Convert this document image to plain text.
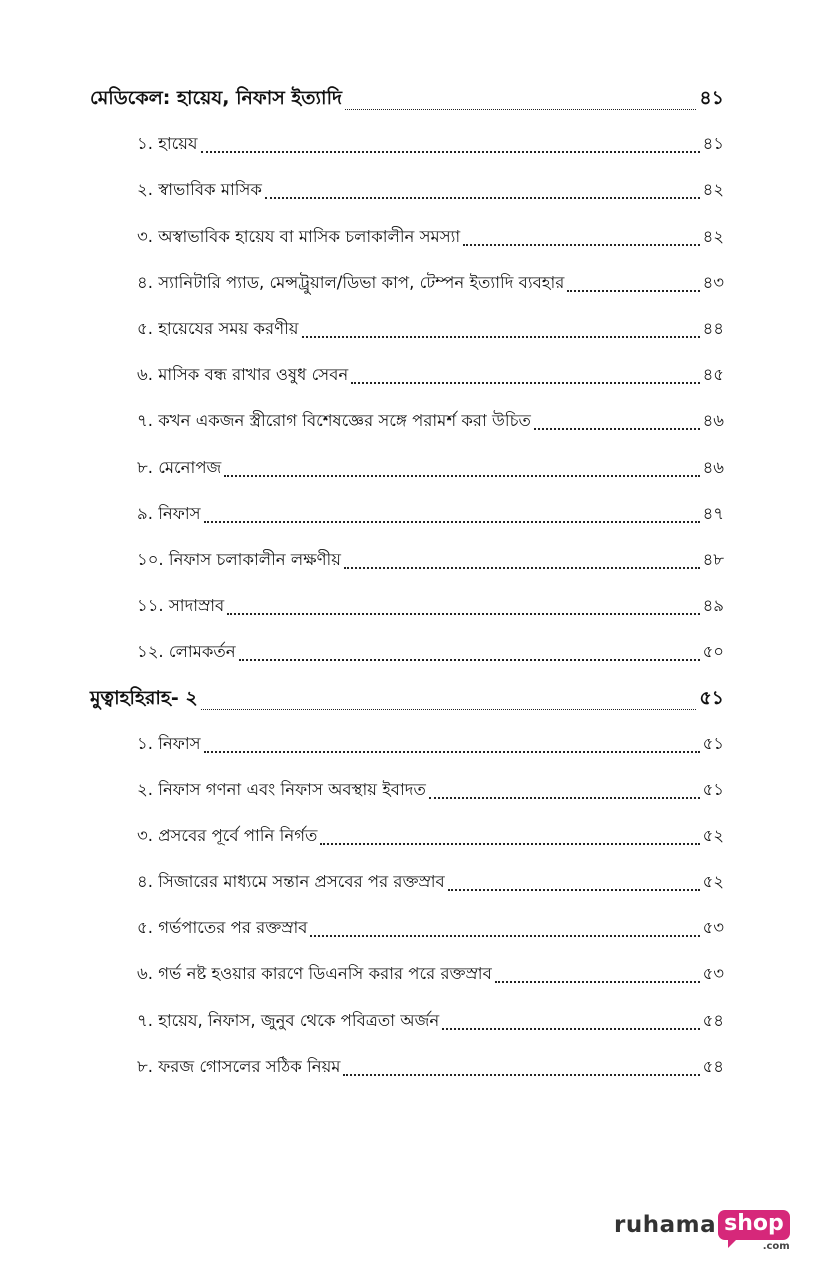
মেডিকেল: হায়েয, নিফাস ইত্যাদি	৪১
১. হায়েয	৪১
২. স্বাভাবিক মাসিক	৪২
৩. অস্বাভাবিক হায়েয বা মাসিক চলাকালীন সমস্যা	৪২
৪. স্যানিটারি প্যাড, মেন্সট্রুয়াল/ডিভা কাপ, টেম্পন ইত্যাদি ব্যবহার	৪৩
৫. হায়েযের সময় করণীয়	৪৪
৬. মাসিক বন্ধ রাখার ওষুধ সেবন	৪৫
৭. কখন একজন স্ত্রীরোগ বিশেষজ্ঞের সঙ্গে পরামর্শ করা উচিত	৪৬
৮. মেনোপজ	৪৬
৯. নিফাস	৪৭
১০. নিফাস চলাকালীন লক্ষণীয়	৪৮
১১. সাদাস্রাব	৪৯
১২. লোমকর্তন	৫০
মুত্বাহহিরাহ- ২	৫১
১. নিফাস	৫১
২. নিফাস গণনা এবং নিফাস অবস্থায় ইবাদত	৫১
৩. প্রসবের পূর্বে পানি নির্গত	৫২
৪. সিজারের মাধ্যমে সন্তান প্রসবের পর রক্তস্রাব	৫২
৫. গর্ভপাতের পর রক্তস্রাব	৫৩
৬. গর্ভ নষ্ট হওয়ার কারণে ডিএনসি করার পরে রক্তস্রাব	৫৩
৭. হায়েয, নিফাস, জুনুব থেকে পবিত্রতা অর্জন	৫৪
৮. ফরজ গোসলের সঠিক নিয়ম	৫৪
ruhama shop
.com
